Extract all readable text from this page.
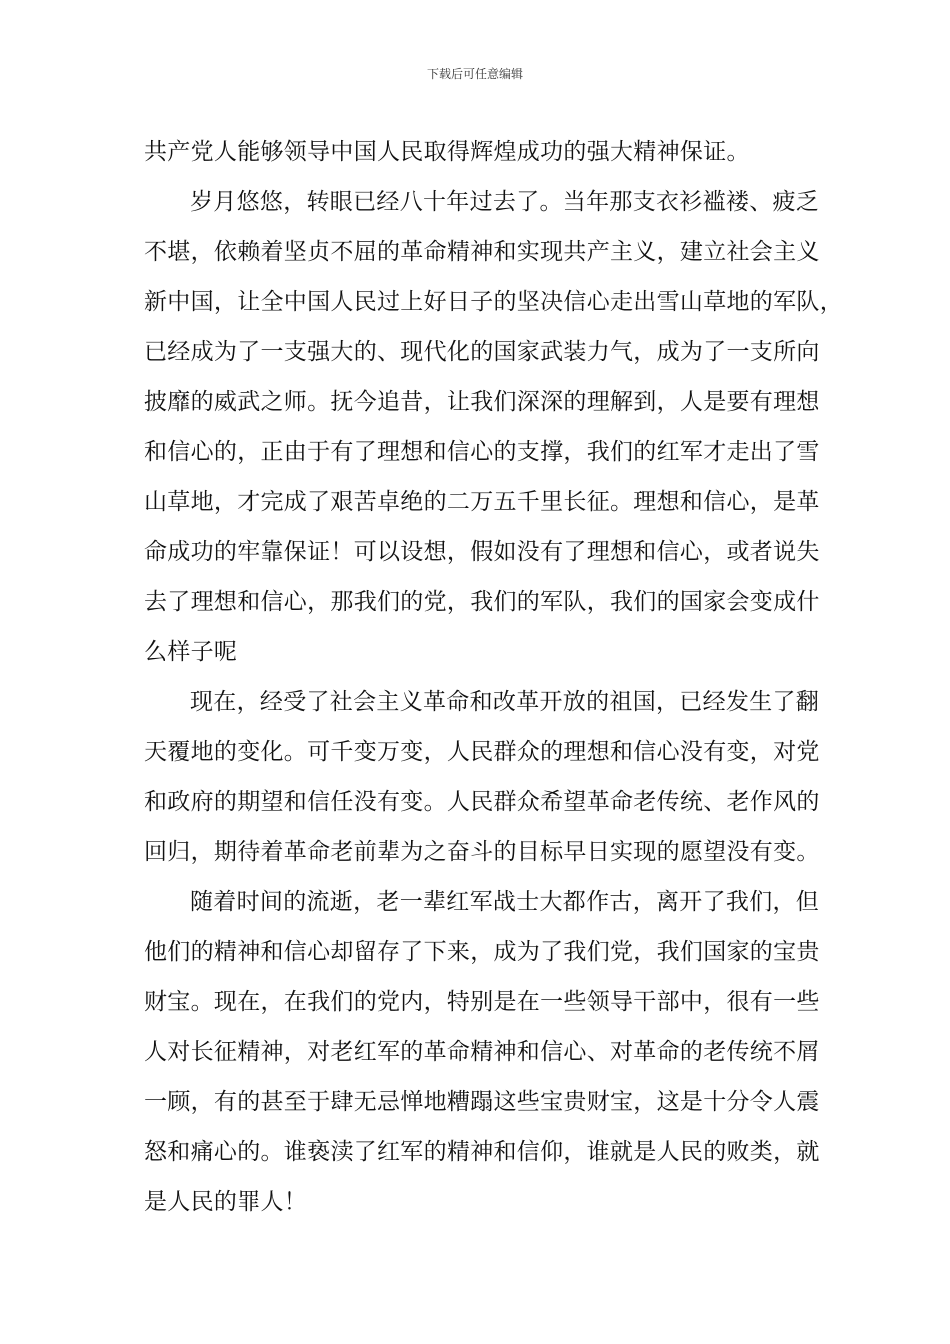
下载后可任意编辑
共产党人能够领导中国人民取得辉煌成功的强大精神保证。
岁月悠悠，转眼已经八十年过去了。当年那支衣衫褴褛、疲乏
不堪，依赖着坚贞不屈的革命精神和实现共产主义，建立社会主义
新中国，让全中国人民过上好日子的坚决信心走出雪山草地的军队，
已经成为了一支强大的、现代化的国家武装力气，成为了一支所向
披靡的威武之师。抚今追昔，让我们深深的理解到，人是要有理想
和信心的，正由于有了理想和信心的支撑，我们的红军才走出了雪
山草地，才完成了艰苦卓绝的二万五千里长征。理想和信心，是革
命成功的牢靠保证！可以设想，假如没有了理想和信心，或者说失
去了理想和信心，那我们的党，我们的军队，我们的国家会变成什
么样子呢
现在，经受了社会主义革命和改革开放的祖国，已经发生了翻
天覆地的变化。可千变万变，人民群众的理想和信心没有变，对党
和政府的期望和信任没有变。人民群众希望革命老传统、老作风的
回归，期待着革命老前辈为之奋斗的目标早日实现的愿望没有变。
随着时间的流逝，老一辈红军战士大都作古，离开了我们，但
他们的精神和信心却留存了下来，成为了我们党，我们国家的宝贵
财宝。现在，在我们的党内，特别是在一些领导干部中，很有一些
人对长征精神，对老红军的革命精神和信心、对革命的老传统不屑
一顾，有的甚至于肆无忌惮地糟蹋这些宝贵财宝，这是十分令人震
怒和痛心的。谁亵渎了红军的精神和信仰，谁就是人民的败类，就
是人民的罪人！
